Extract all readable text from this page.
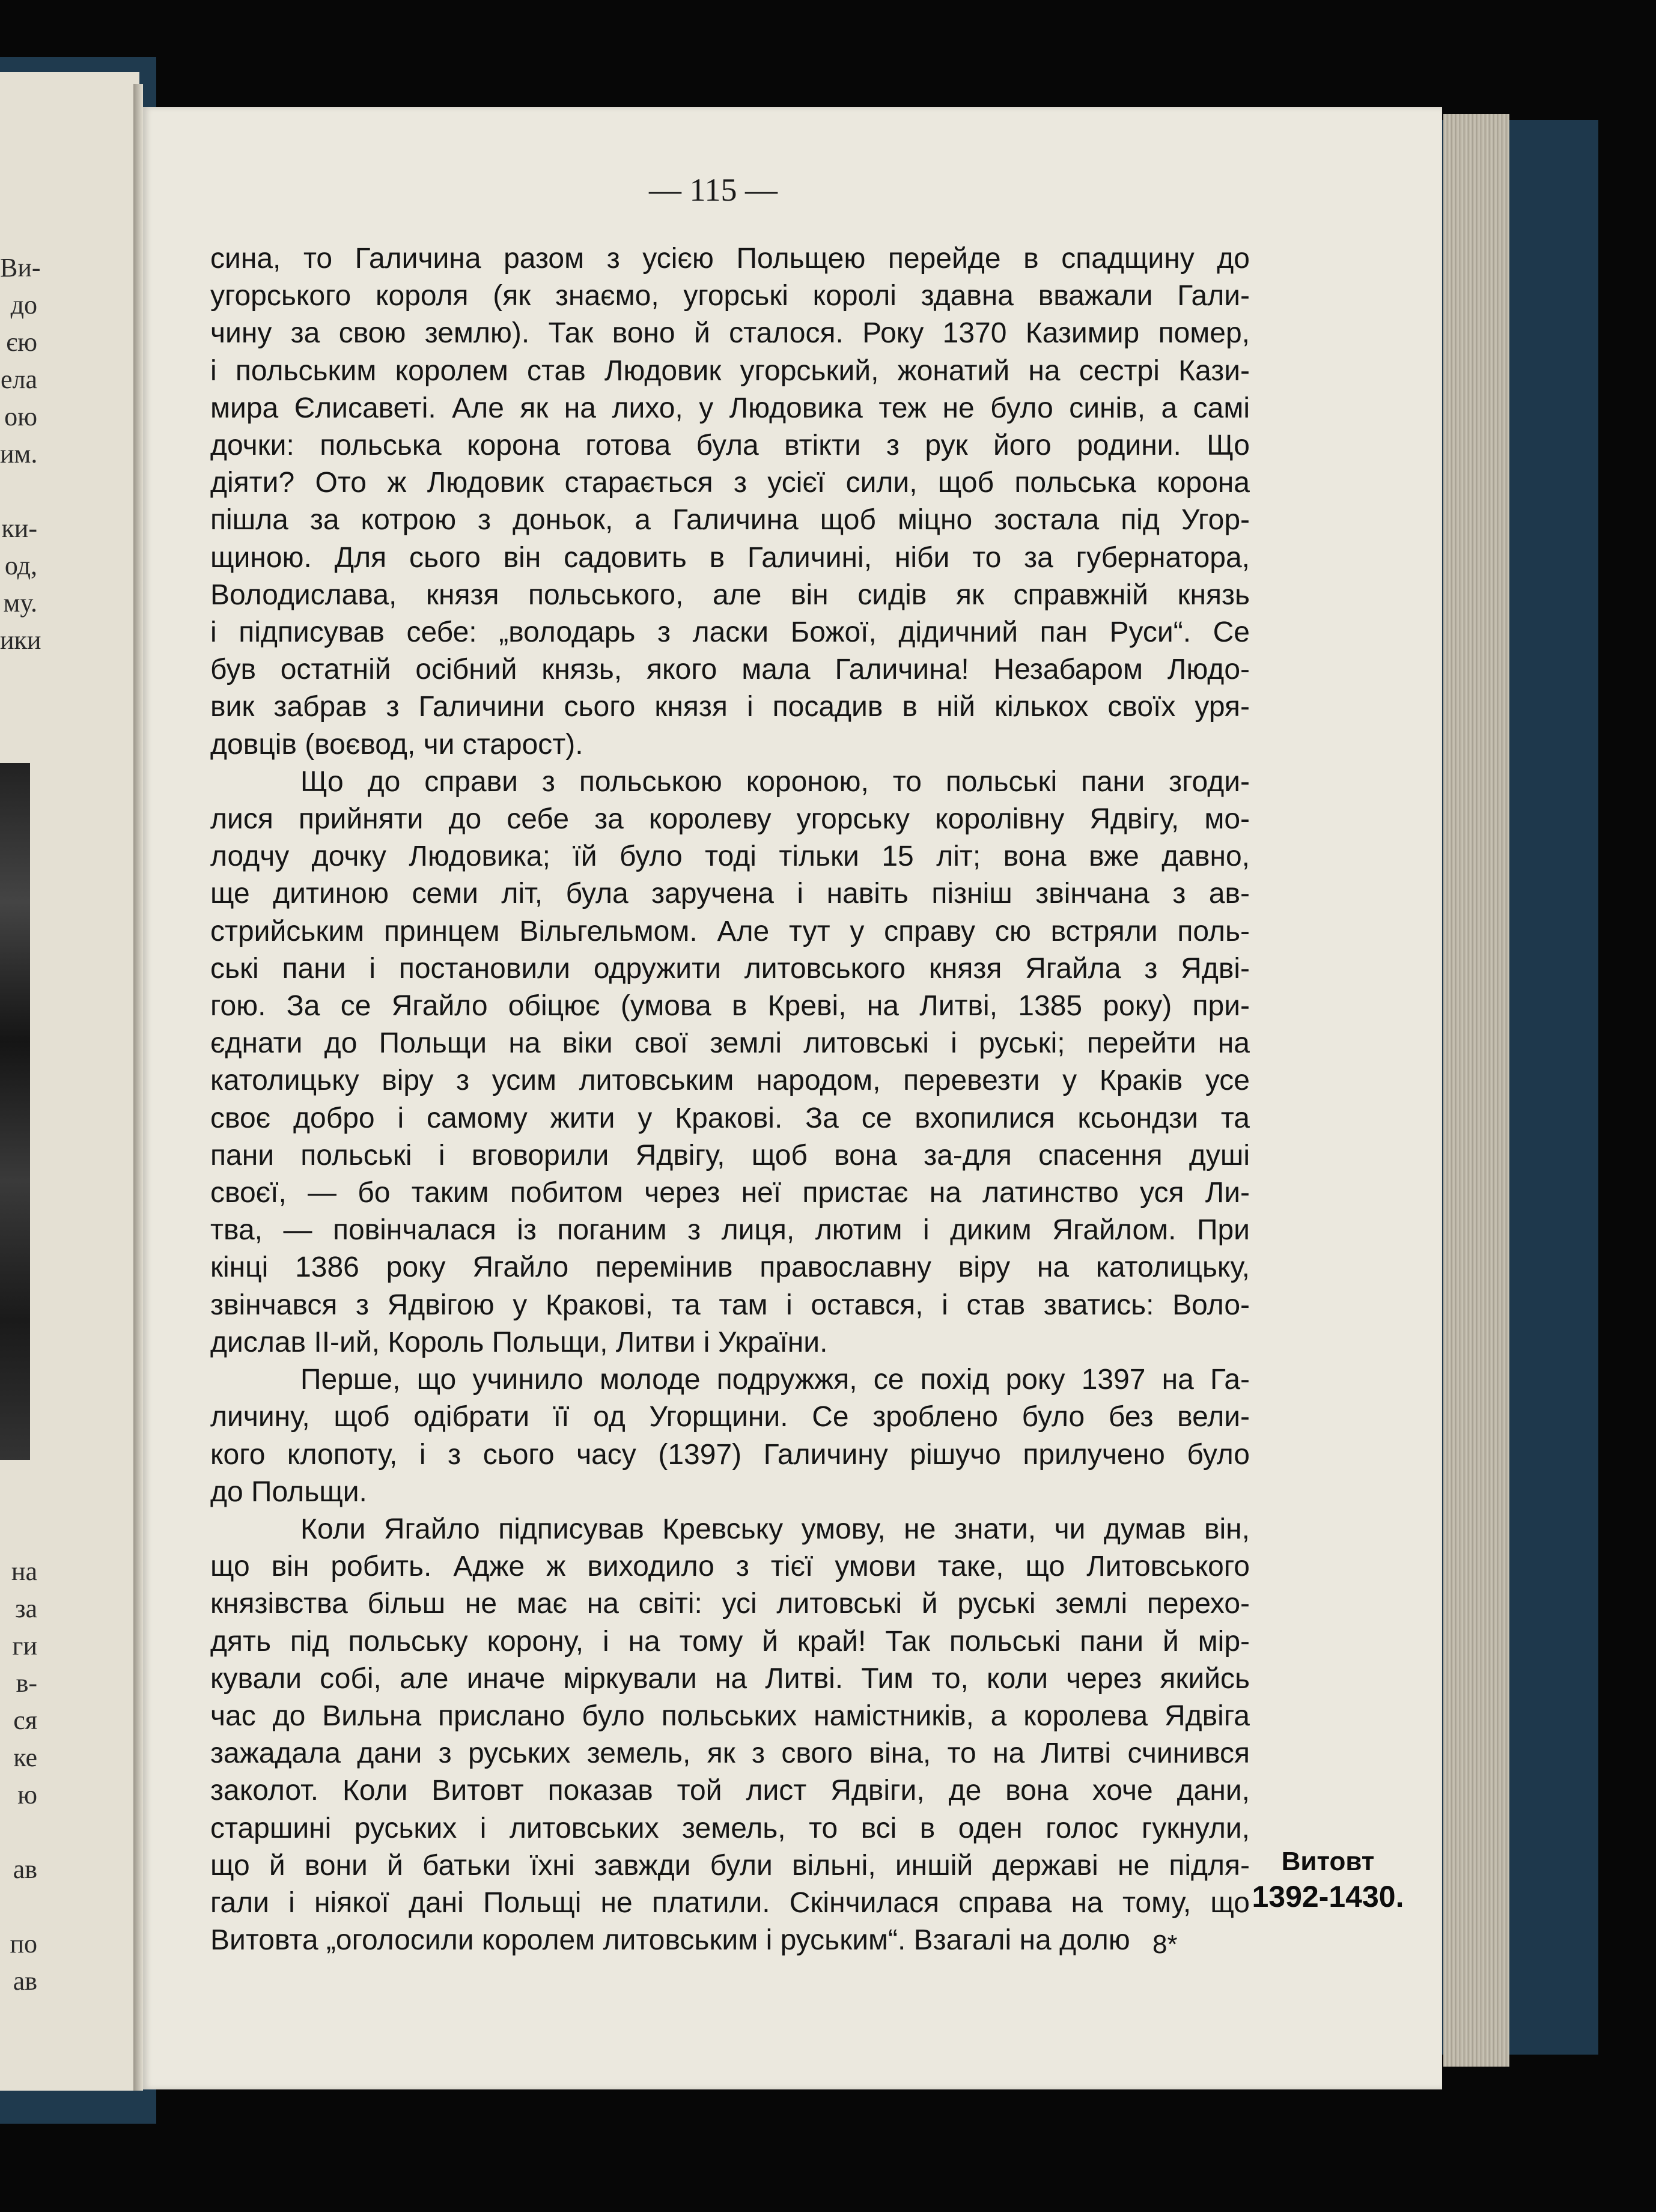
Ви-
до
єю
ела
ою
им.
ки-
од,
му.
ики
на
за
ги
в-
ся
ке
ю
ав
по
ав
— 115 —
сина, то Галичина разом з усією Польщею перейде в спадщину до
угорського короля (як знаємо, угорські королі здавна вважали Гали-
чину за свою землю). Так воно й сталося. Року 1370 Казимир помер,
і польським королем став Людовик угорський, жонатий на сестрі Кази-
мира Єлисаветі. Але як на лихо, у Людовика теж не було синів, а самі
дочки: польська корона готова була втікти з рук його родини. Що
діяти? Ото ж Людовик старається з усієї сили, щоб польська корона
пішла за котрою з доньок, а Галичина щоб міцно зостала під Угор-
щиною. Для сього він садовить в Галичині, ніби то за губернатора,
Володислава, князя польського, але він сидів як справжній князь
і підписував себе: „володарь з ласки Божої, дідичний пан Руси“. Се
був остатній осібний князь, якого мала Галичина! Незабаром Людо-
вик забрав з Галичини сього князя і посадив в ній кількох своїх уря-
довців (воєвод, чи старост).
Що до справи з польською короною, то польські пани згоди-
лися прийняти до себе за королеву угорську королівну Ядвігу, мо-
лодчу дочку Людовика; їй було тоді тільки 15 літ; вона вже давно,
ще дитиною семи літ, була заручена і навіть пізніш звінчана з ав-
стрийським принцем Вільгельмом. Але тут у справу сю встряли поль-
ські пани і постановили одружити литовського князя Ягайла з Ядві-
гою. За се Ягайло обіцює (умова в Креві, на Литві, 1385 року) при-
єднати до Польщи на віки свої землі литовські і руські; перейти на
католицьку віру з усим литовським народом, перевезти у Краків усе
своє добро і самому жити у Кракові. За се вхопилися ксьондзи та
пани польські і вговорили Ядвігу, щоб вона за-для спасення душі
своєї, — бо таким побитом через неї пристає на латинство уся Ли-
тва, — повінчалася із поганим з лиця, лютим і диким Ягайлом. При
кінці 1386 року Ягайло перемінив православну віру на католицьку,
звінчався з Ядвігою у Кракові, та там і остався, і став зватись: Воло-
дислав II-ий, Король Польщи, Литви і України.
Перше, що учинило молоде подружжя, се похід року 1397 на Га-
личину, щоб одібрати її од Угорщини. Се зроблено було без вели-
кого клопоту, і з сього часу (1397) Галичину рішучо прилучено було
до Польщи.
Коли Ягайло підписував Кревську умову, не знати, чи думав він,
що він робить. Адже ж виходило з тієї умови таке, що Литовського
князівства більш не має на світі: усі литовські й руські землі перехо-
дять під польську корону, і на тому й край! Так польські пани й мір-
кували собі, але иначе міркували на Литві. Тим то, коли через якийсь
час до Вильна прислано було польських намістників, а королева Ядвіга
зажадала дани з руських земель, як з свого віна, то на Литві счинився
заколот. Коли Витовт показав той лист Ядвіги, де вона хоче дани,
старшині руських і литовських земель, то всі в оден голос гукнули,
що й вони й батьки їхні завжди були вільні, иншій державі не підля-
гали і ніякої дані Польщі не платили. Скінчилася справа на тому, що
Витовта „оголосили королем литовським і руським“. Взагалі на долю
Витовт
1392-1430.
8*
